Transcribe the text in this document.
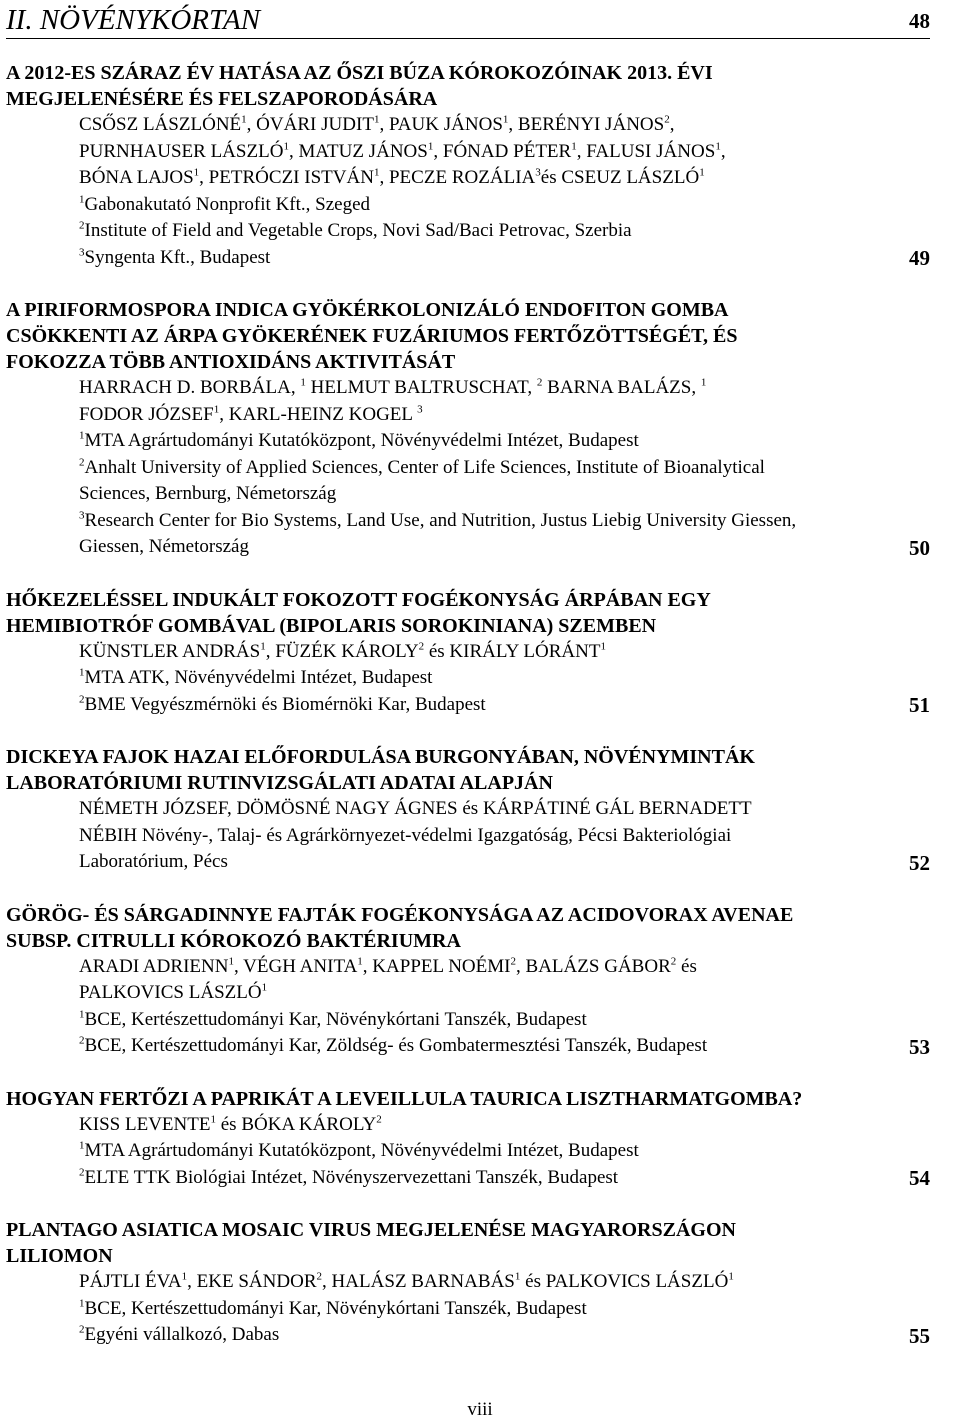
II. NÖVÉNYKÓRTAN	48
A 2012-ES SZÁRAZ ÉV HATÁSA AZ ŐSZI BÚZA KÓROKOZÓINAK 2013. ÉVI
MEGJELENÉSÉRE ÉS FELSZAPORODÁSÁRA
CSŐSZ LÁSZLÓNÉ$^1$, ÓVÁRI JUDIT$^1$, PAUK JÁNOS$^1$, BERÉNYI JÁNOS$^2$,
PURNHAUSER LÁSZLÓ$^1$, MATUZ JÁNOS$^1$, FÓNAD PÉTER$^1$, FALUSI JÁNOS$^1$,
BÓNA LAJOS$^1$, PETRÓCZI ISTVÁN$^1$, PECZE ROZÁLIA$^3$és CSEUZ LÁSZLÓ$^1$
$^1$Gabonakutató Nonprofit Kft., Szeged
$^2$Institute of Field and Vegetable Crops, Novi Sad/Baci Petrovac, Szerbia
$^3$Syngenta Kft., Budapest	49
A PIRIFORMOSPORA INDICA GYÖKÉRKOLONIZÁLÓ ENDOFITON GOMBA
CSÖKKENTI AZ ÁRPA GYÖKERÉNEK FUZÁRIUMOS FERTŐZÖTTSÉGÉT, ÉS
FOKOZZA TÖBB ANTIOXIDÁNS AKTIVITÁSÁT
HARRACH D. BORBÁLA, $^1$ HELMUT BALTRUSCHAT, $^2$ BARNA BALÁZS, $^1$
FODOR JÓZSEF$^1$, KARL-HEINZ KOGEL $^3$
$^1$MTA Agrártudományi Kutatóközpont, Növényvédelmi Intézet, Budapest
$^2$Anhalt University of Applied Sciences, Center of Life Sciences, Institute of Bioanalytical
Sciences, Bernburg, Németország
$^3$Research Center for Bio Systems, Land Use, and Nutrition, Justus Liebig University Giessen,
Giessen, Németország	50
HŐKEZELÉSSEL INDUKÁLT FOKOZOTT FOGÉKONYSÁG ÁRPÁBAN EGY
HEMIBIOTRÓF GOMBÁVAL (BIPOLARIS SOROKINIANA) SZEMBEN
KÜNSTLER ANDRÁS$^1$, FÜZÉK KÁROLY$^2$ és KIRÁLY LÓRÁNT$^1$
$^1$MTA ATK, Növényvédelmi Intézet, Budapest
$^2$BME Vegyészmérnöki és Biomérnöki Kar, Budapest	51
DICKEYA FAJOK HAZAI ELŐFORDULÁSA BURGONYÁBAN, NÖVÉNYMINTÁK
LABORATÓRIUMI RUTINVIZSGÁLATI ADATAI ALAPJÁN
NÉMETH JÓZSEF, DÖMÖSNÉ NAGY ÁGNES és KÁRPÁTINÉ GÁL BERNADETT
NÉBIH Növény-, Talaj- és Agrárkörnyezet-védelmi Igazgatóság, Pécsi Bakteriológiai
Laboratórium, Pécs	52
GÖRÖG- ÉS SÁRGADINNYE FAJTÁK FOGÉKONYSÁGA AZ ACIDOVORAX AVENAE
SUBSP. CITRULLI KÓROKOZÓ BAKTÉRIUMRA
ARADI ADRIENN$^1$, VÉGH ANITA$^1$, KAPPEL NOÉMI$^2$, BALÁZS GÁBOR$^2$ és
PALKOVICS LÁSZLÓ$^1$
$^1$BCE, Kertészettudományi Kar, Növénykórtani Tanszék, Budapest
$^2$BCE, Kertészettudományi Kar, Zöldség- és Gombatermesztési Tanszék, Budapest	53
HOGYAN FERTŐZI A PAPRIKÁT A LEVEILLULA TAURICA LISZTHARMATGOMBA?
KISS LEVENTE$^1$ és BÓKA KÁROLY$^2$
$^1$MTA Agrártudományi Kutatóközpont, Növényvédelmi Intézet, Budapest
$^2$ELTE TTK Biológiai Intézet, Növényszervezettani Tanszék, Budapest	54
PLANTAGO ASIATICA MOSAIC VIRUS MEGJELENÉSE MAGYARORSZÁGON
LILIOMON
PÁJTLI ÉVA$^1$, EKE SÁNDOR$^2$, HALÁSZ BARNABÁS$^1$ és PALKOVICS LÁSZLÓ$^1$
$^1$BCE, Kertészettudományi Kar, Növénykórtani Tanszék, Budapest
$^2$Egyéni vállalkozó, Dabas	55
viii
